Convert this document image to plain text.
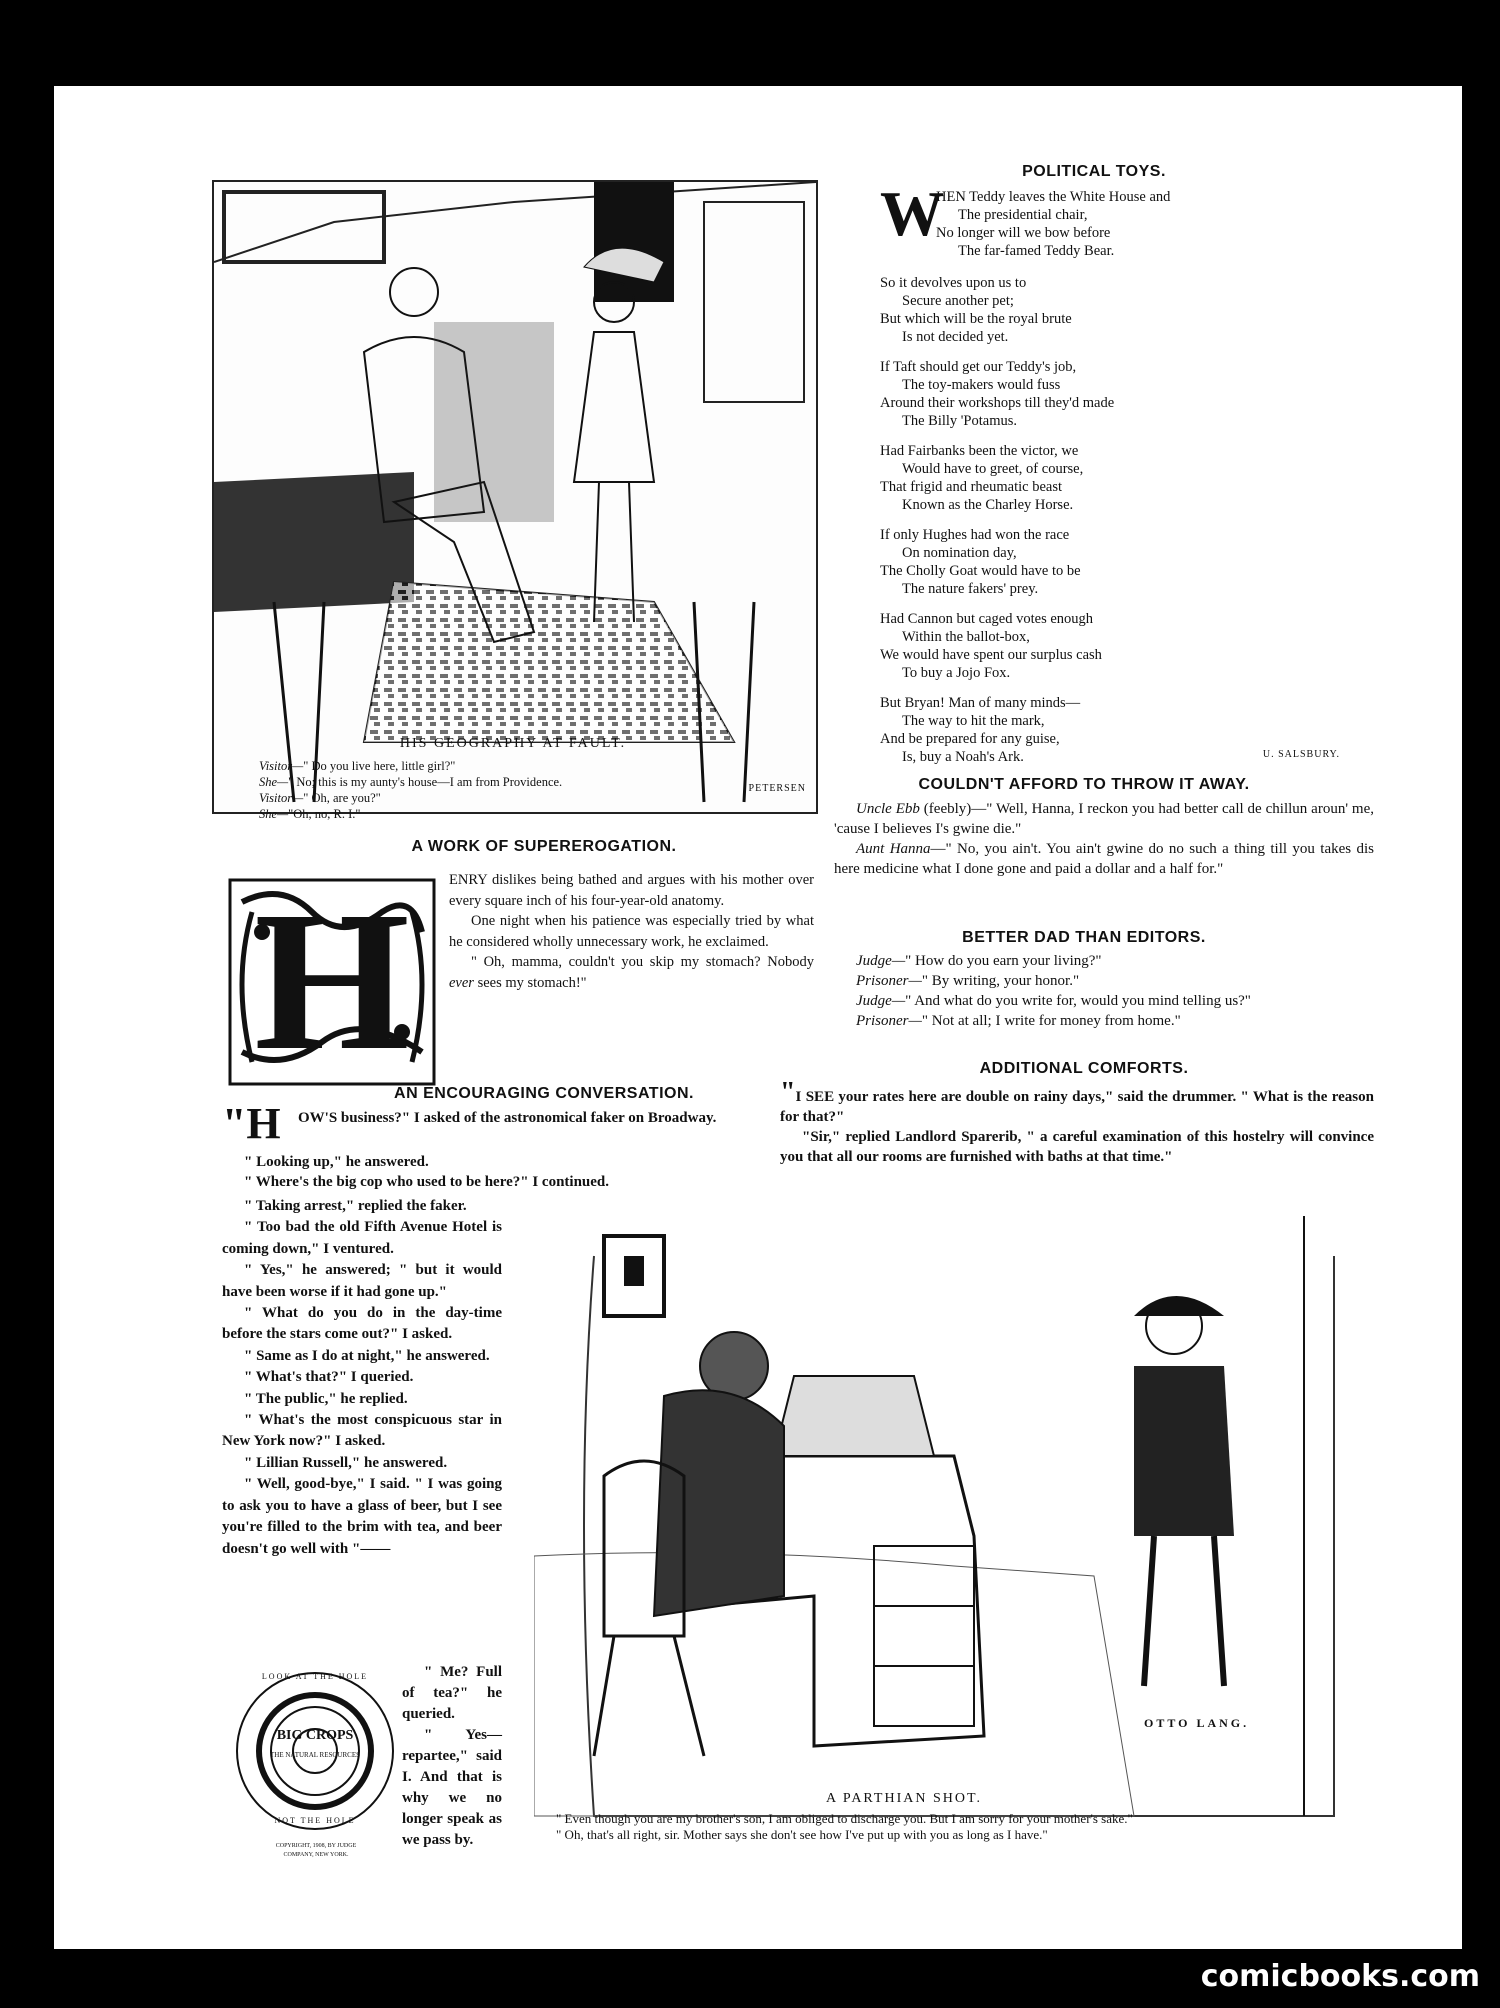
PETERSEN
HIS GEOGRAPHY AT FAULT.
Visitor—" Do you live here, little girl?"
She—" No; this is my aunty's house—I am from Providence.
Visitor—" Oh, are you?"
She—"Oh, no, R. I."
POLITICAL TOYS.
W
HEN Teddy leaves the White House and
The presidential chair,
No longer will we bow before
The far-famed Teddy Bear.
So it devolves upon us to
Secure another pet;
But which will be the royal brute
Is not decided yet.
If Taft should get our Teddy's job,
The toy-makers would fuss
Around their workshops till they'd made
The Billy 'Potamus.
Had Fairbanks been the victor, we
Would have to greet, of course,
That frigid and rheumatic beast
Known as the Charley Horse.
If only Hughes had won the race
On nomination day,
The Cholly Goat would have to be
The nature fakers' prey.
Had Cannon but caged votes enough
Within the ballot-box,
We would have spent our surplus cash
To buy a Jojo Fox.
But Bryan! Man of many minds—
The way to hit the mark,
And be prepared for any guise,
Is, buy a Noah's Ark.	U. SALSBURY.
COULDN'T AFFORD TO THROW IT AWAY.

Uncle Ebb (feebly)—" Well, Hanna, I reckon you had better call de chillun aroun' me, 'cause I believes I's gwine die."

Aunt Hanna—" No, you ain't. You ain't gwine do no such a thing till you takes dis here medicine what I done gone and paid a dollar and a half for."

BETTER DAD THAN EDITORS.

Judge—" How do you earn your living?"

Prisoner—" By writing, your honor."

Judge—" And what do you write for, would you mind telling us?"

Prisoner—" Not at all; I write for money from home."

ADDITIONAL COMFORTS.

"I SEE your rates here are double on rainy days," said the drummer. " What is the reason for that?"

"Sir," replied Landlord Sparerib, " a careful examination of this hostelry will convince you that all our rooms are furnished with baths at that time."

A WORK OF SUPEREROGATION.
H	ENRY dislikes being bathed and argues with his mother over every square inch of his four-year-old anatomy.

One night when his patience was especially tried by what he considered wholly unnecessary work, he exclaimed.

" Oh, mamma, couldn't you skip my stomach? Nobody ever sees my stomach!"

AN ENCOURAGING CONVERSATION.
"H OW'S business?" I asked of the astronomical faker on Broadway.

" Looking up," he answered.

" Where's the big cop who used to be here?" I continued.

" Taking arrest," replied the faker.

" Too bad the old Fifth Avenue Hotel is coming down," I ventured.

" Yes," he answered; " but it would have been worse if it had gone up."

" What do you do in the day-time before the stars come out?" I asked.

" Same as I do at night," he answered.

" What's that?" I queried.

" The public," he replied.

" What's the most conspicuous star in New York now?" I asked.

" Lillian Russell," he answered.

" Well, good-bye," I said. " I was going to ask you to have a glass of beer, but I see you're filled to the brim with tea, and beer doesn't go well with "——

" Me? Full of tea?" he queried.

" Yes—repartee," said I. And that is why we no longer speak as we pass by.

LOOK AT THE HOLE
BIG CROPS
THE NATURAL RESOURCES
NOT THE HOLE
COPYRIGHT, 1908, BY JUDGE COMPANY, NEW YORK.
OTTO LANG.
A PARTHIAN SHOT.

" Even though you are my brother's son, I am obliged to discharge you. But I am sorry for your mother's sake."

" Oh, that's all right, sir. Mother says she don't see how I've put up with you as long as I have."

comicbooks.com
